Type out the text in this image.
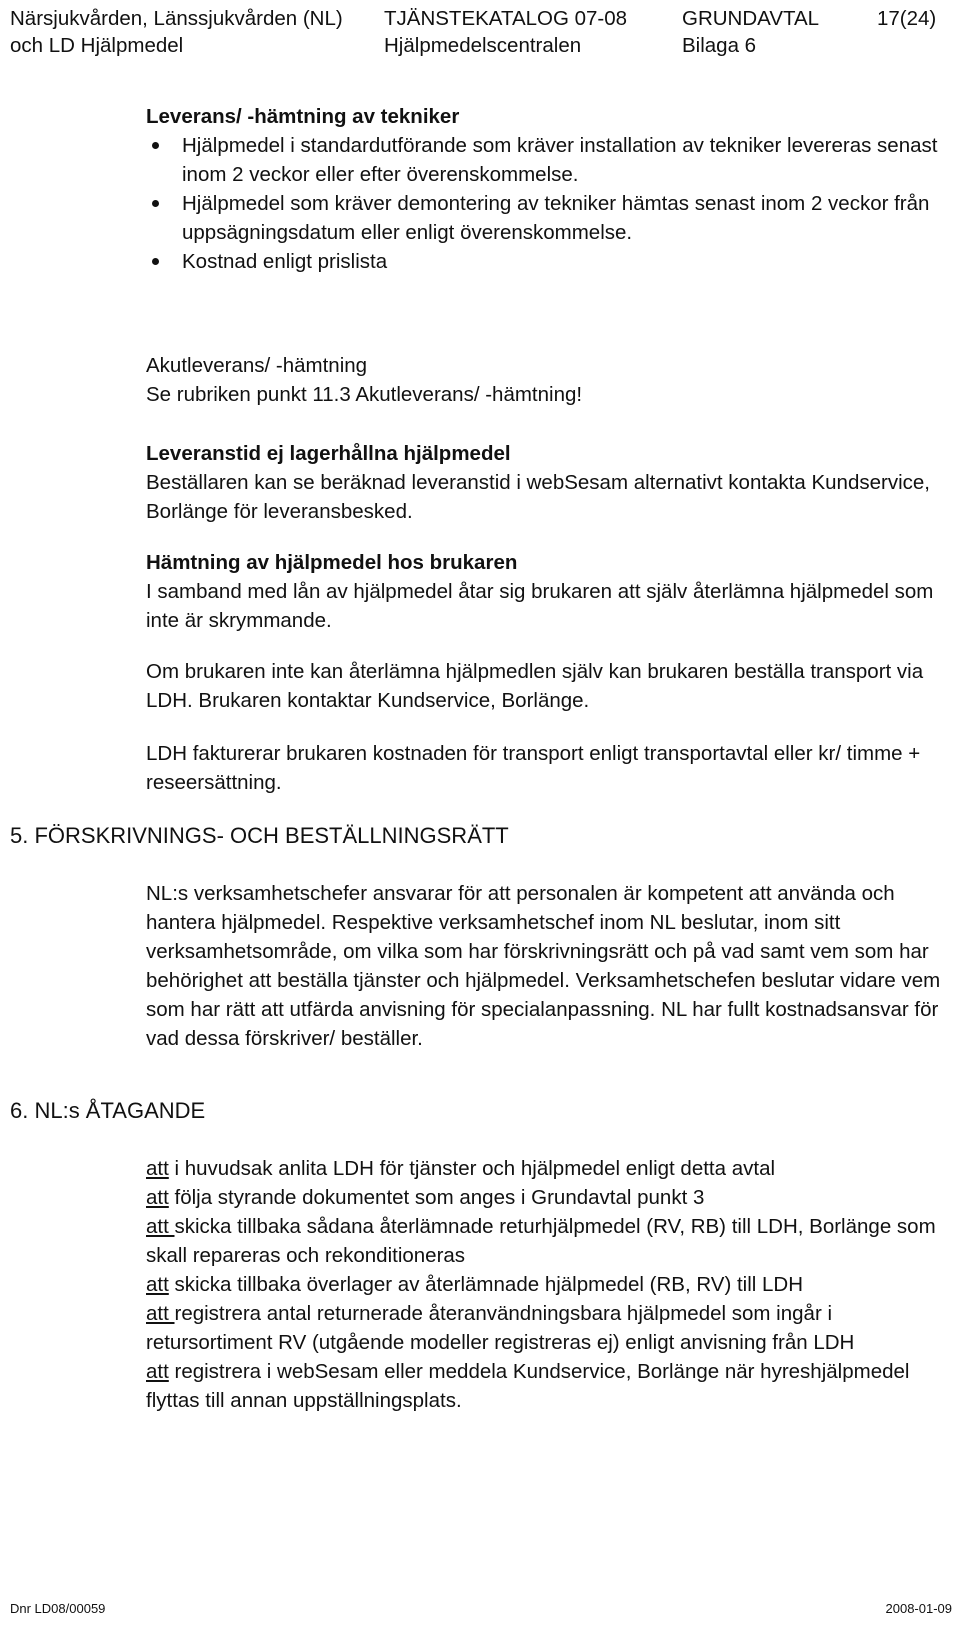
Närsjukvården, Länssjukvården (NL)
och LD Hjälpmedel
TJÄNSTEKATALOG 07-08
Hjälpmedelscentralen
GRUNDAVTAL
Bilaga 6
17(24)
Leverans/ -hämtning av tekniker
Hjälpmedel i standardutförande som kräver installation av tekniker levereras senast inom 2 veckor eller efter överenskommelse.
Hjälpmedel som kräver demontering av tekniker hämtas senast inom 2 veckor från uppsägningsdatum eller enligt överenskommelse.
Kostnad enligt prislista
Akutleverans/ -hämtning
Se rubriken punkt 11.3 Akutleverans/ -hämtning!
Leveranstid ej lagerhållna hjälpmedel
Beställaren kan se beräknad leveranstid i webSesam alternativt kontakta Kundservice, Borlänge för leveransbesked.
Hämtning av hjälpmedel hos brukaren
I samband med lån av hjälpmedel åtar sig brukaren att själv återlämna hjälpmedel som inte är skrymmande.
Om brukaren inte kan återlämna hjälpmedlen själv kan brukaren beställa transport via LDH. Brukaren kontaktar Kundservice, Borlänge.
LDH fakturerar brukaren kostnaden för transport enligt transportavtal eller kr/ timme + reseersättning.
5. FÖRSKRIVNINGS- OCH BESTÄLLNINGSRÄTT
NL:s verksamhetschefer ansvarar för att personalen är kompetent att använda och hantera hjälpmedel. Respektive verksamhetschef inom NL beslutar, inom sitt verksamhetsområde, om vilka som har förskrivningsrätt och på vad samt vem som har behörighet att beställa tjänster och hjälpmedel. Verksamhetschefen beslutar vidare vem som har rätt att utfärda anvisning för specialanpassning. NL har fullt kostnadsansvar för vad dessa förskriver/ beställer.
6. NL:s ÅTAGANDE
att i huvudsak anlita LDH för tjänster och hjälpmedel enligt detta avtal
att följa styrande dokumentet som anges i Grundavtal punkt 3
att skicka tillbaka sådana återlämnade returhjälpmedel (RV, RB) till LDH, Borlänge som skall repareras och rekonditioneras
att skicka tillbaka överlager av återlämnade hjälpmedel (RB, RV) till LDH
att registrera antal returnerade återanvändningsbara hjälpmedel som ingår i retursortiment RV (utgående modeller registreras ej) enligt anvisning från LDH
att registrera i webSesam eller meddela Kundservice, Borlänge när hyreshjälpmedel flyttas till annan uppställningsplats.
Dnr LD08/00059	2008-01-09
